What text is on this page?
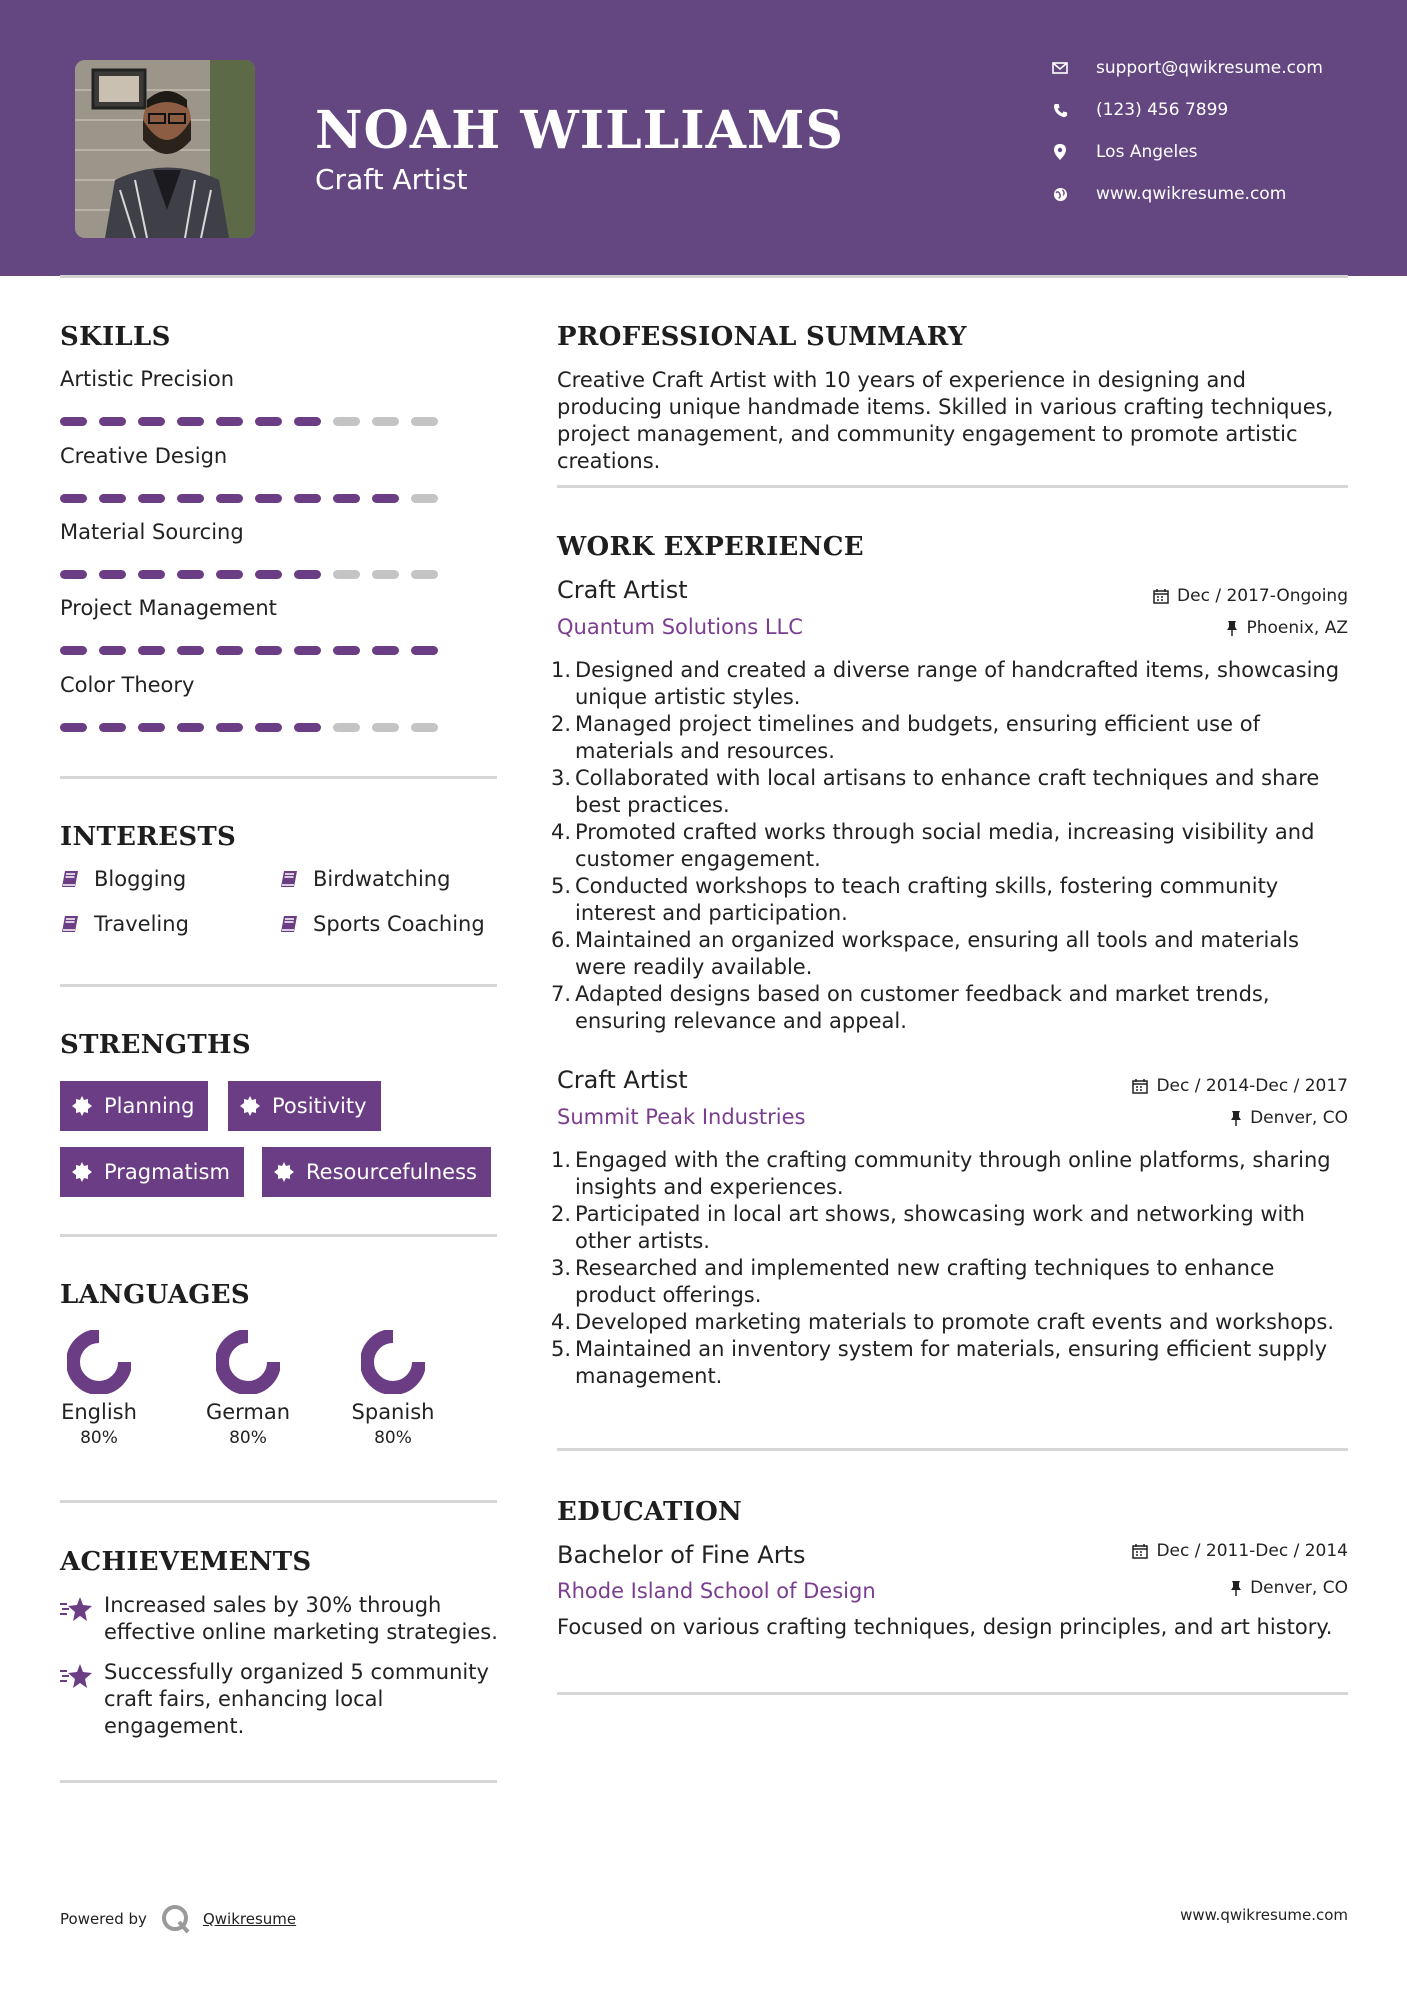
NOAH WILLIAMS
Craft Artist
support@qwikresume.com
(123) 456 7899
Los Angeles
www.qwikresume.com
SKILLS
Artistic Precision
Creative Design
Material Sourcing
Project Management
Color Theory
INTERESTS
Blogging	Birdwatching
Traveling	Sports Coaching
STRENGTHS
Planning	Positivity
Pragmatism	Resourcefulness
LANGUAGES
English
80%
German
80%
Spanish
80%
ACHIEVEMENTS
Increased sales by 30% through effective online marketing strategies.
Successfully organized 5 community craft fairs, enhancing local engagement.
PROFESSIONAL SUMMARY
Creative Craft Artist with 10 years of experience in designing and producing unique handmade items. Skilled in various crafting techniques, project management, and community engagement to promote artistic creations.
WORK EXPERIENCE
Craft Artist
Quantum Solutions LLC
Dec / 2017-Ongoing
Phoenix, AZ
1. Designed and created a diverse range of handcrafted items, showcasing unique artistic styles.
2. Managed project timelines and budgets, ensuring efficient use of materials and resources.
3. Collaborated with local artisans to enhance craft techniques and share best practices.
4. Promoted crafted works through social media, increasing visibility and customer engagement.
5. Conducted workshops to teach crafting skills, fostering community interest and participation.
6. Maintained an organized workspace, ensuring all tools and materials were readily available.
7. Adapted designs based on customer feedback and market trends, ensuring relevance and appeal.
Craft Artist
Summit Peak Industries
Dec / 2014-Dec / 2017
Denver, CO
1. Engaged with the crafting community through online platforms, sharing insights and experiences.
2. Participated in local art shows, showcasing work and networking with other artists.
3. Researched and implemented new crafting techniques to enhance product offerings.
4. Developed marketing materials to promote craft events and workshops.
5. Maintained an inventory system for materials, ensuring efficient supply management.
EDUCATION
Bachelor of Fine Arts
Rhode Island School of Design
Dec / 2011-Dec / 2014
Denver, CO
Focused on various crafting techniques, design principles, and art history.
Powered by	Qwikresume	www.qwikresume.com
